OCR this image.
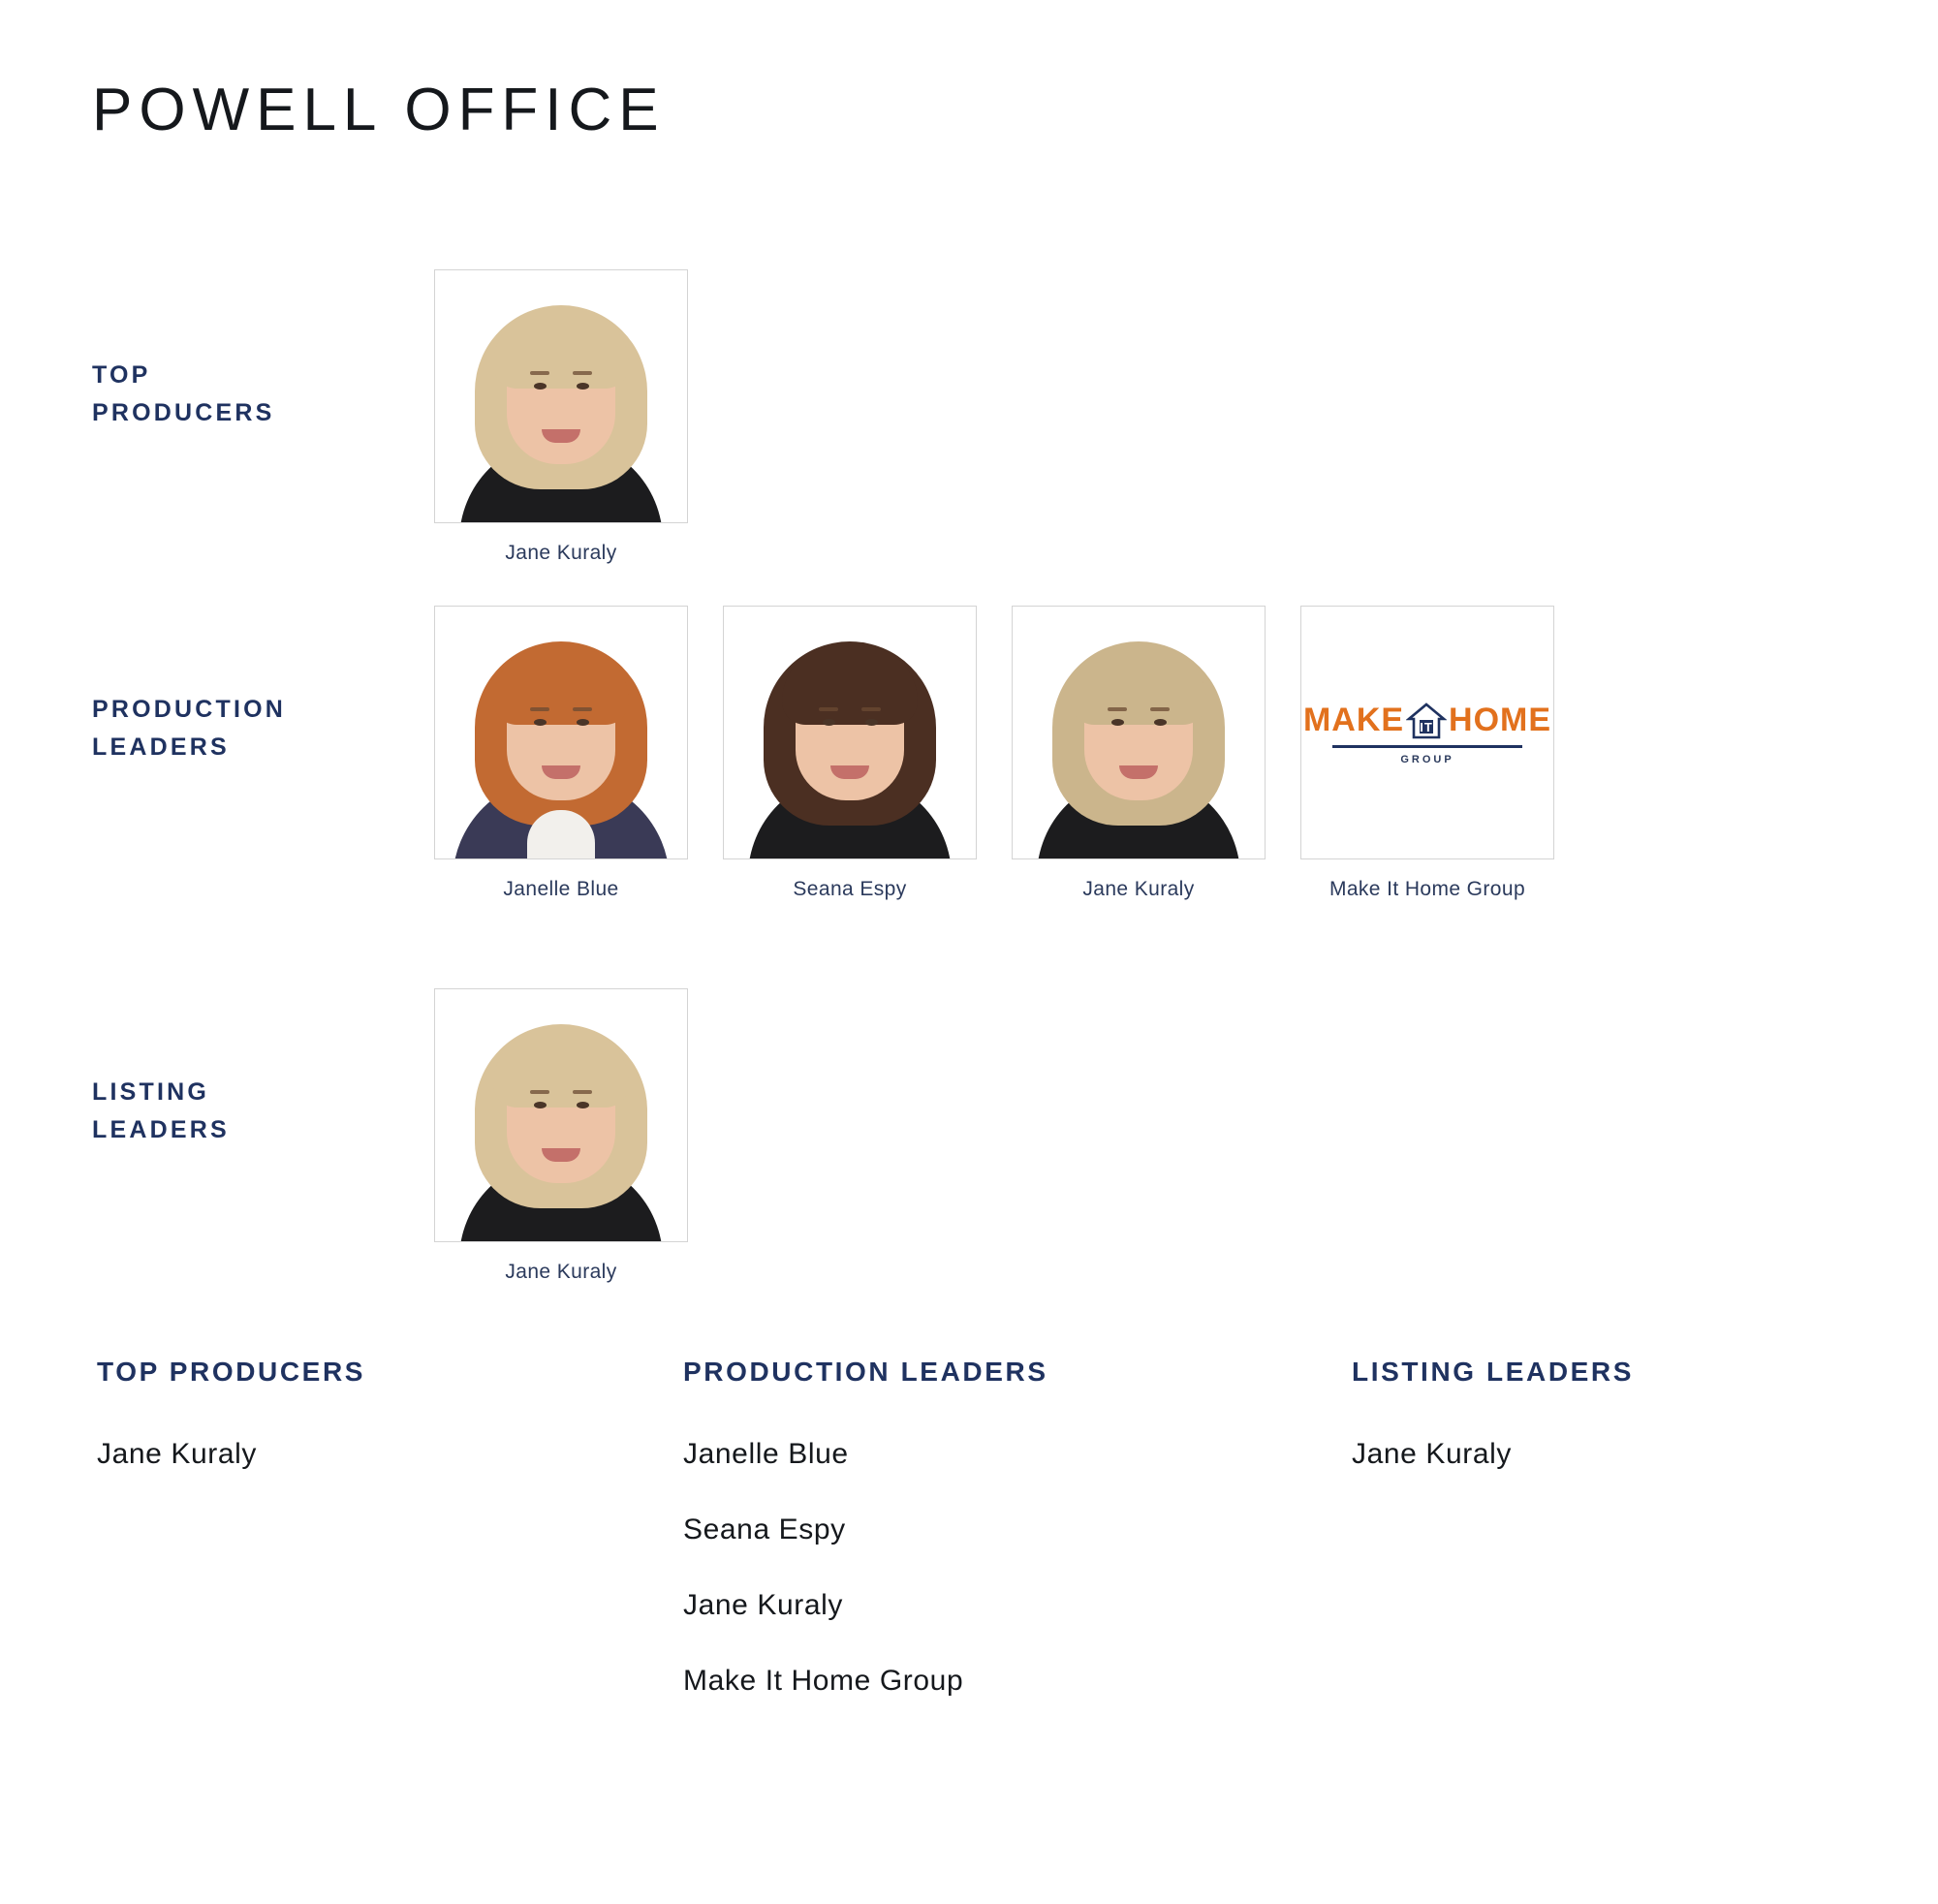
POWELL OFFICE
TOP
PRODUCERS
Jane Kuraly
PRODUCTION
LEADERS
Janelle Blue	Seana Espy	Jane Kuraly
MAKE IT HOME
GROUP
Make It Home Group
LISTING
LEADERS
Jane Kuraly
TOP PRODUCERS
Jane Kuraly
PRODUCTION LEADERS
Janelle Blue
Seana Espy
Jane Kuraly
Make It Home Group
LISTING LEADERS
Jane Kuraly
